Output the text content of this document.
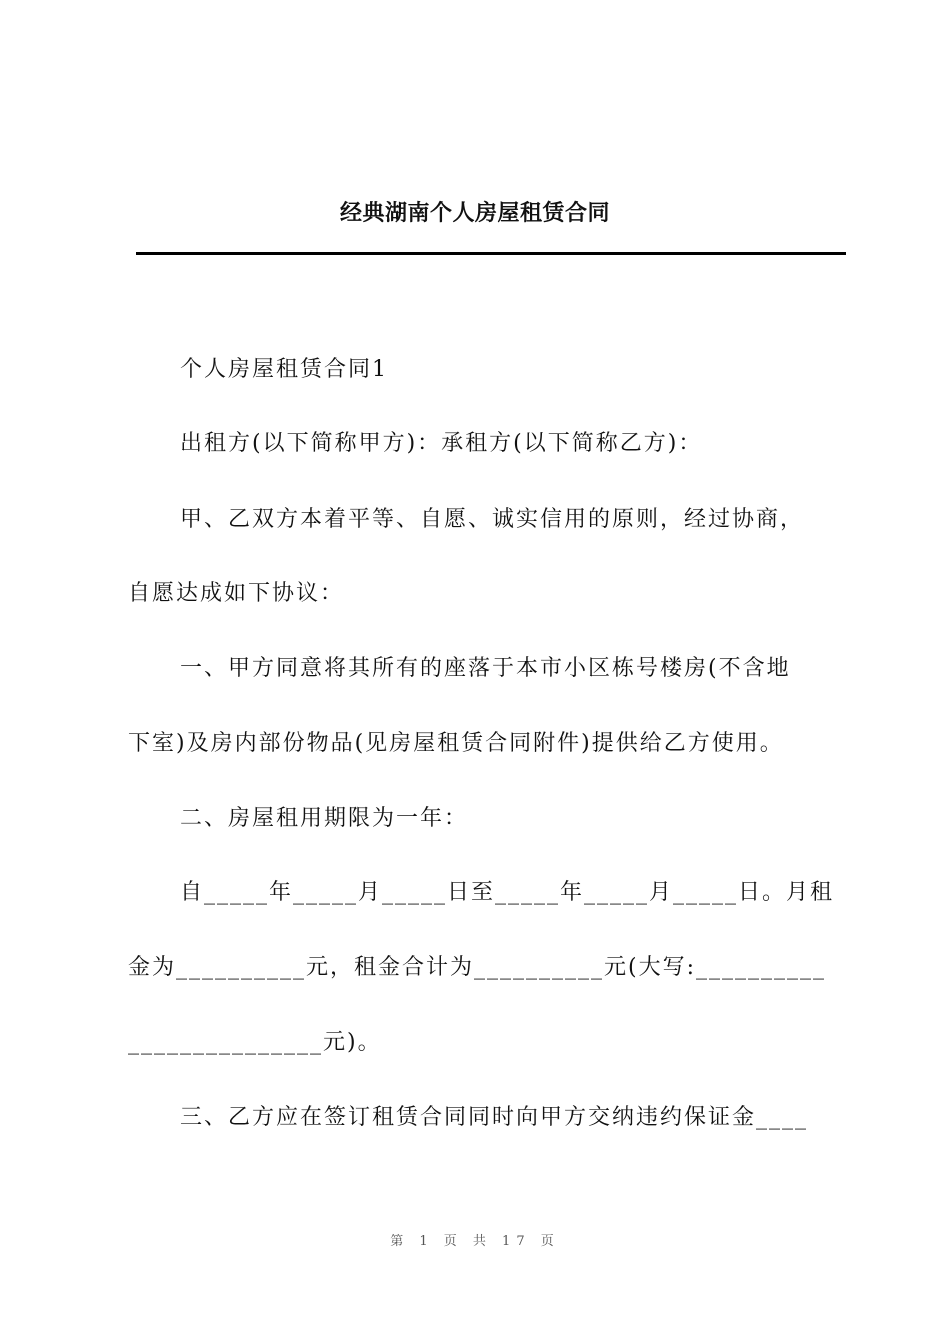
经典湖南个人房屋租赁合同

个人房屋租赁合同1

出租方(以下简称甲方)：承租方(以下简称乙方)：

甲、乙双方本着平等、自愿、诚实信用的原则，经过协商，

自愿达成如下协议：

一、甲方同意将其所有的座落于本市小区栋号楼房(不含地

下室)及房内部份物品(见房屋租赁合同附件)提供给乙方使用。

二、房屋租用期限为一年：

自_____年_____月_____日至_____年_____月_____日。月租

金为__________元，租金合计为__________元(大写:__________

_______________元)。

三、乙方应在签订租赁合同同时向甲方交纳违约保证金____

第 1 页 共 17 页
